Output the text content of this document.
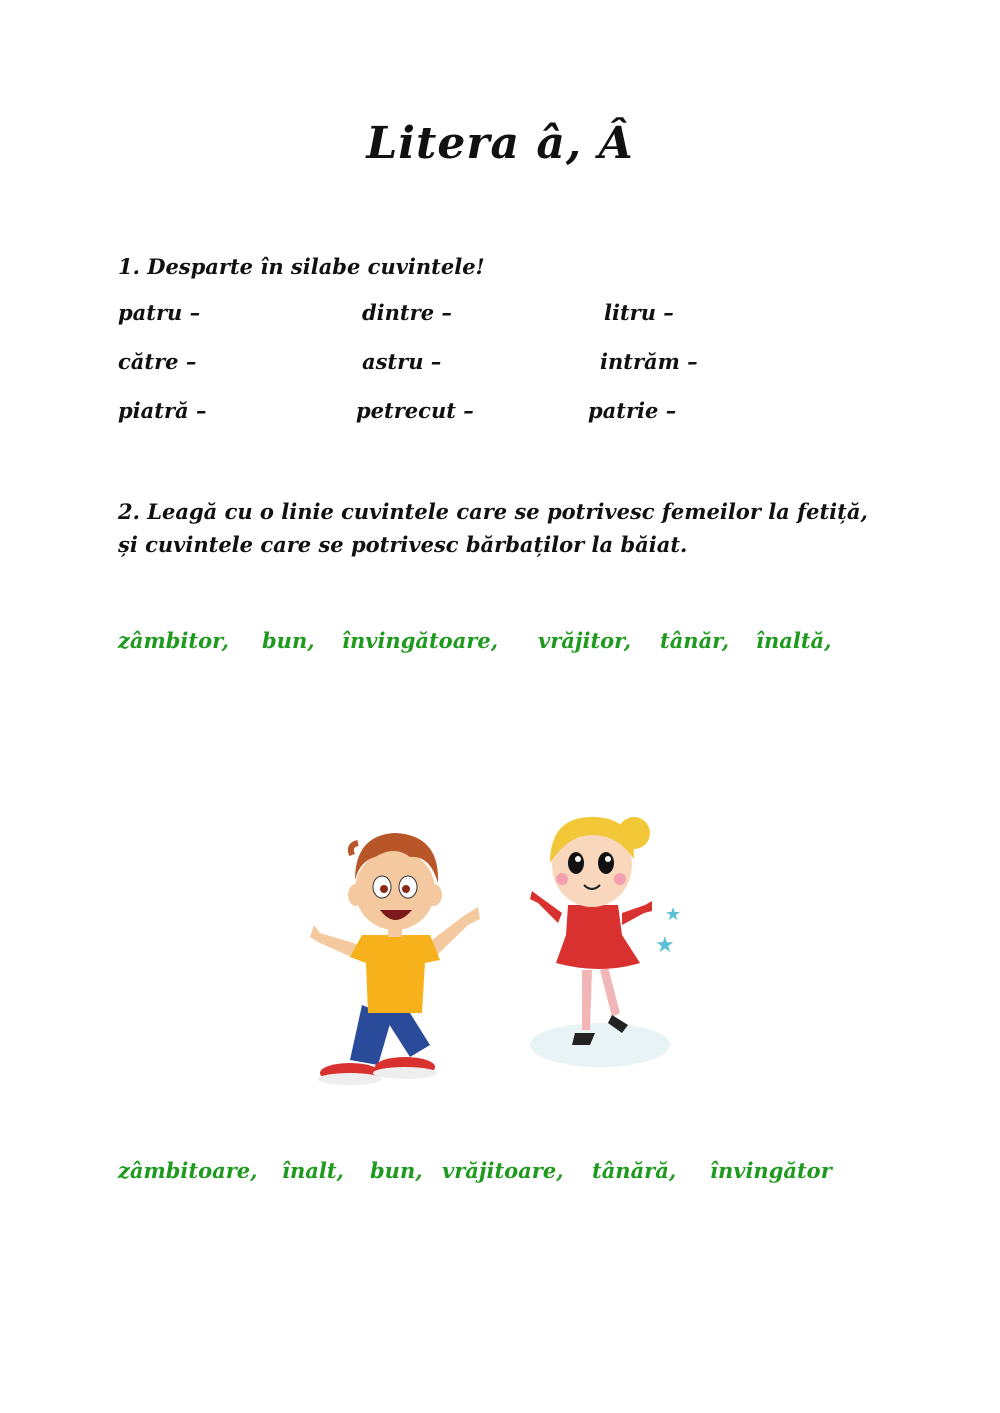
Litera â, Â
1. Desparte în silabe cuvintele!
patru –	dintre –	litru –
către –	astru –	intrăm –
piatră –	petrecut –	patrie –
2. Leagă cu o linie cuvintele care se potrivesc femeilor la fetiță,
și cuvintele care se potrivesc bărbaților la băiat.
zâmbitor, bun, învingătoare, vrăjitor, tânăr, înaltă,
★
★
zâmbitoare, înalt, bun, vrăjitoare, tânără, învingător
